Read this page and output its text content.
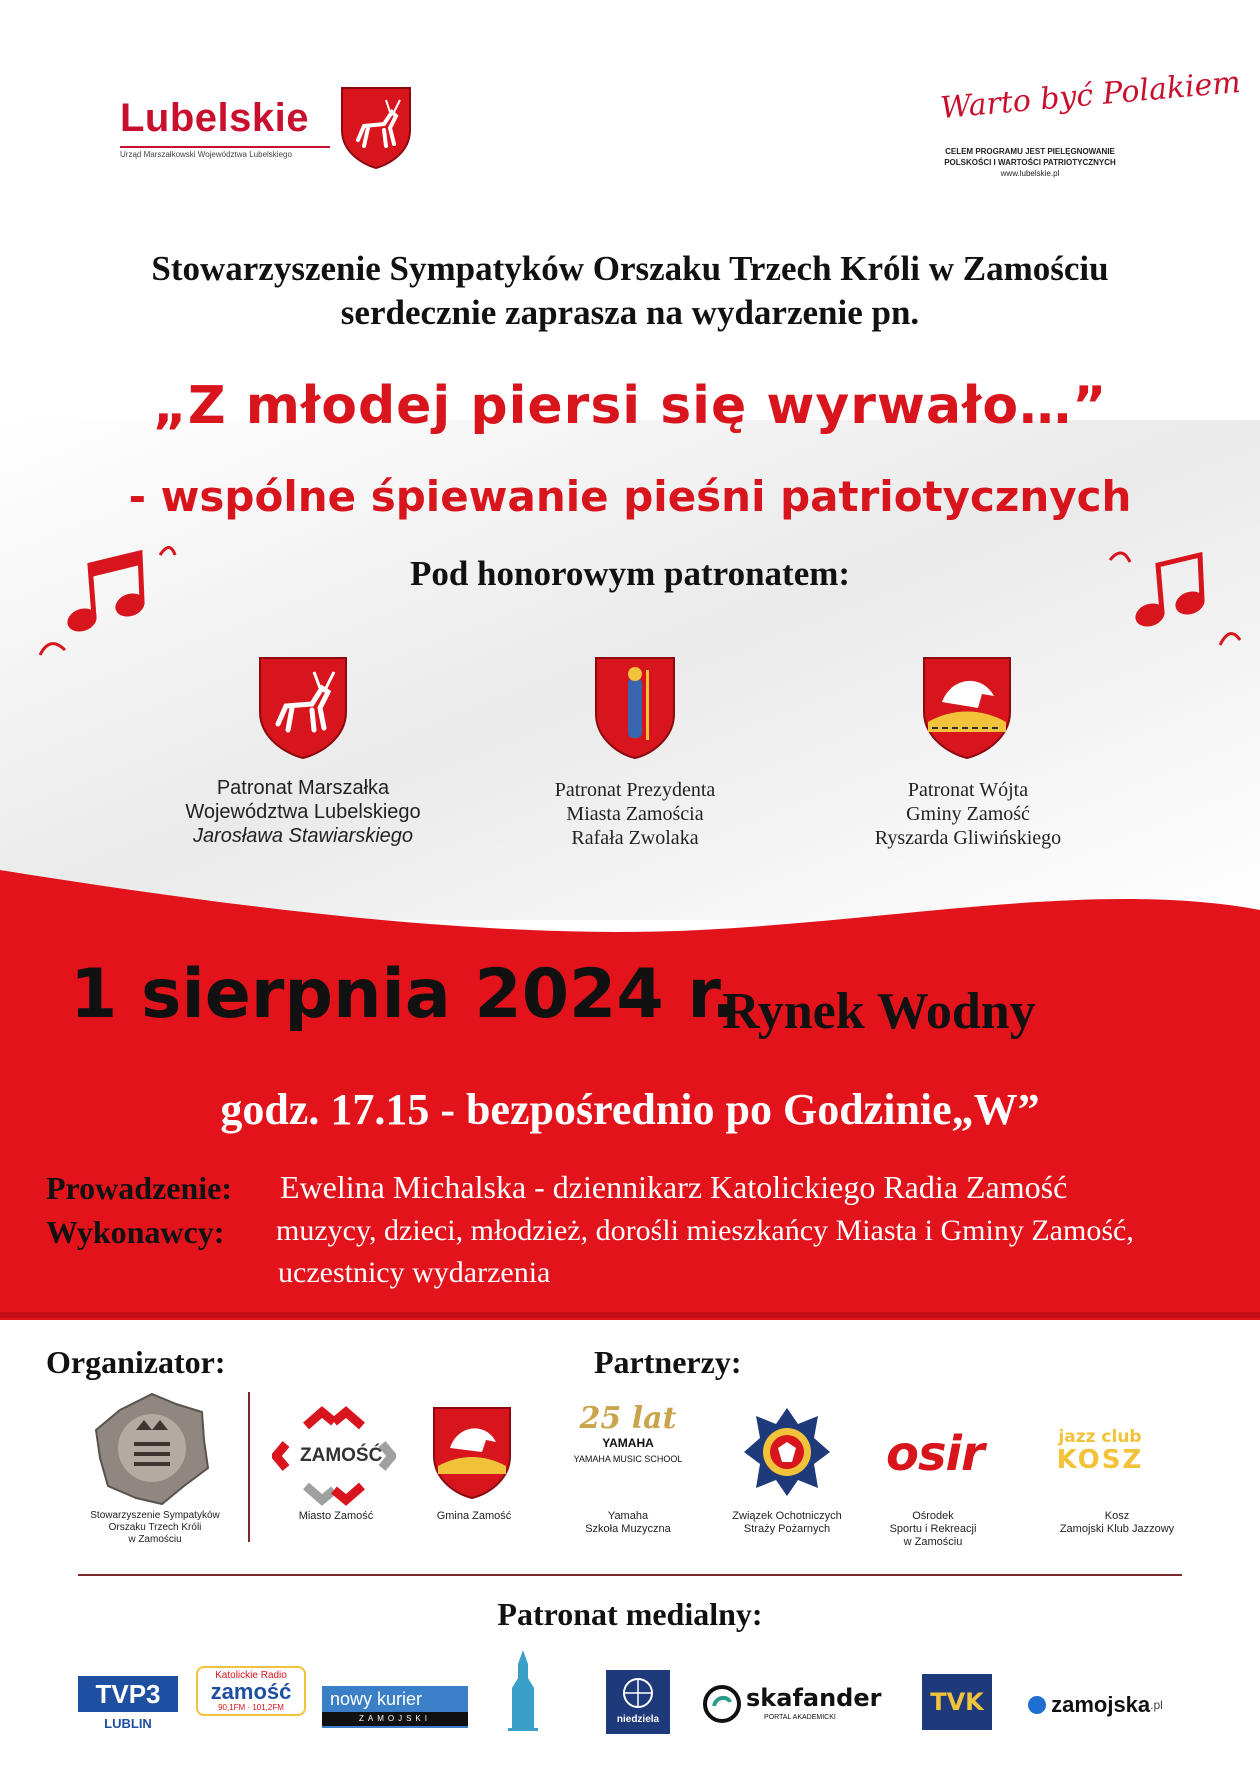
Lubelskie
Urząd Marszałkowski Województwa Lubelskiego
Warto być Polakiem
CELEM PROGRAMU JEST PIELĘGNOWANIE
POLSKOŚCI I WARTOŚCI PATRIOTYCZNYCH
www.lubelskie.pl
Stowarzyszenie Sympatyków Orszaku Trzech Króli w Zamościu
serdecznie zaprasza na wydarzenie pn.
„Z młodej piersi się wyrwało…”
- wspólne śpiewanie pieśni patriotycznych
Pod honorowym patronatem:
Patronat Marszałka
Województwa Lubelskiego
Jarosława Stawiarskiego
Patronat Prezydenta
Miasta Zamościa
Rafała Zwolaka
Patronat Wójta
Gminy Zamość
Ryszarda Gliwińskiego
1 sierpnia 2024 r.
Rynek Wodny
godz. 17.15 - bezpośrednio po Godzinie„W”
Prowadzenie: Ewelina Michalska - dziennikarz Katolickiego Radia Zamość
Wykonawcy: muzycy, dzieci, młodzież, dorośli mieszkańcy Miasta i Gminy Zamość,
uczestnicy wydarzenia
Organizator:
Stowarzyszenie Sympatyków
Orszaku Trzech Króli
w Zamościu
Partnerzy:
ZAMOŚĆ
Miasto Zamość	Gmina Zamość
25 lat
YAMAHA
YAMAHA MUSIC SCHOOL
Yamaha
Szkoła Muzyczna
Związek Ochotniczych
Straży Pożarnych
osir
Ośrodek
Sportu i Rekreacji
w Zamościu
jazz club
KOSZ
Kosz
Zamojski Klub Jazzowy
Patronat medialny:
TVP3
LUBLIN
Katolickie Radio
zamość
90,1FM · 101,2FM	nowy kurier
ZAMOJSKI	niedziela
skafander
PORTAL AKADEMICKI
TVK	zamojska.pl
